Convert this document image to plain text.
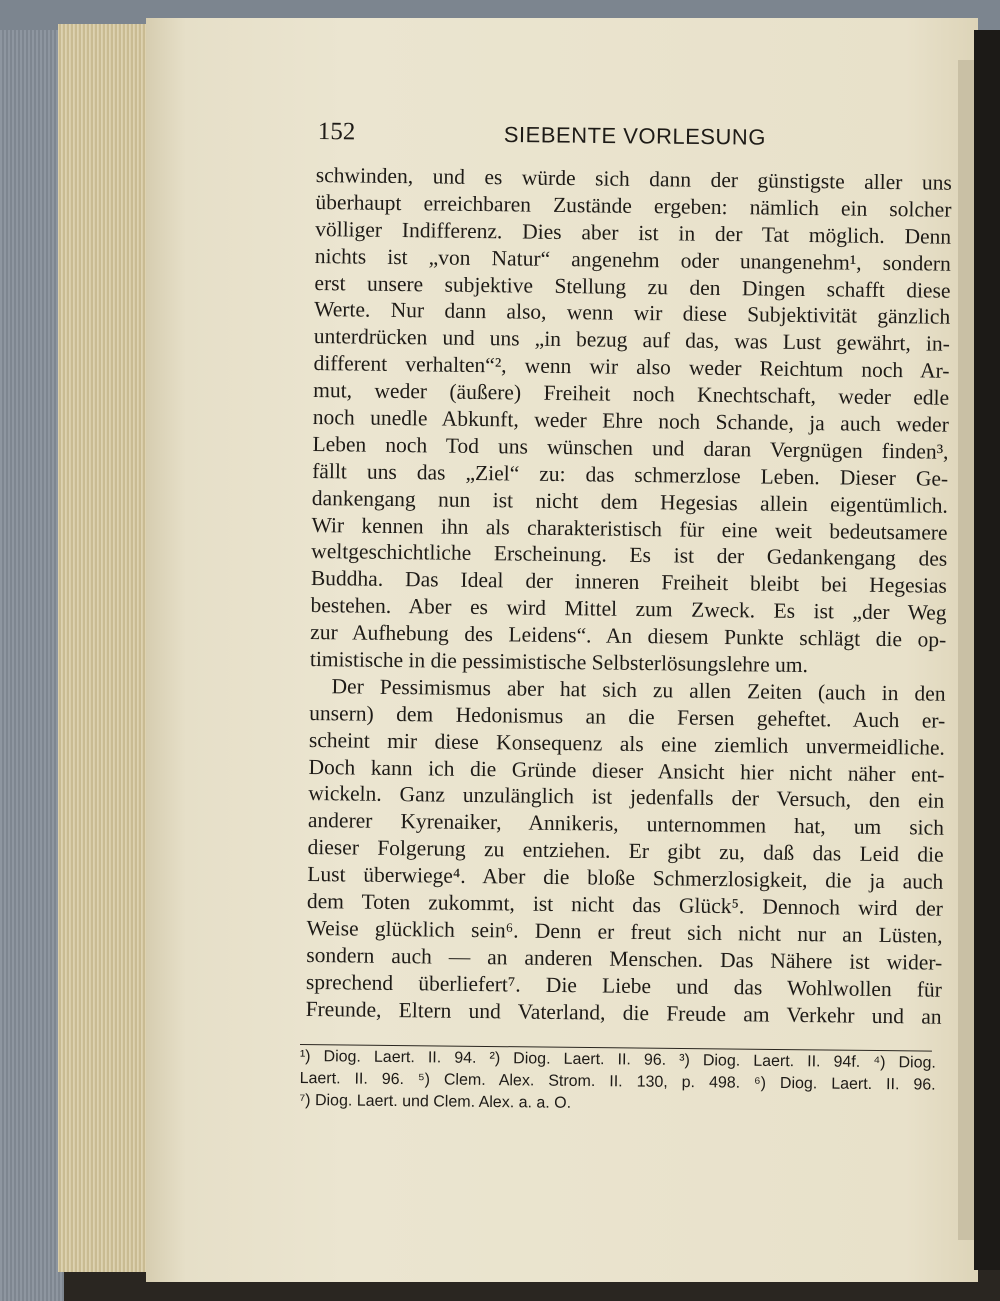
152	SIEBENTE VORLESUNG
schwinden, und es würde sich dann der günstigste aller uns
überhaupt erreichbaren Zustände ergeben: nämlich ein solcher
völliger Indifferenz. Dies aber ist in der Tat möglich. Denn
nichts ist „von Natur“ angenehm oder unangenehm¹, sondern
erst unsere subjektive Stellung zu den Dingen schafft diese
Werte. Nur dann also, wenn wir diese Subjektivität gänzlich
unterdrücken und uns „in bezug auf das, was Lust gewährt, in-
different verhalten“², wenn wir also weder Reichtum noch Ar-
mut, weder (äußere) Freiheit noch Knechtschaft, weder edle
noch unedle Abkunft, weder Ehre noch Schande, ja auch weder
Leben noch Tod uns wünschen und daran Vergnügen finden³,
fällt uns das „Ziel“ zu: das schmerzlose Leben. Dieser Ge-
dankengang nun ist nicht dem Hegesias allein eigentümlich.
Wir kennen ihn als charakteristisch für eine weit bedeutsamere
weltgeschichtliche Erscheinung. Es ist der Gedankengang des
Buddha. Das Ideal der inneren Freiheit bleibt bei Hegesias
bestehen. Aber es wird Mittel zum Zweck. Es ist „der Weg
zur Aufhebung des Leidens“. An diesem Punkte schlägt die op-
timistische in die pessimistische Selbsterlösungslehre um.
Der Pessimismus aber hat sich zu allen Zeiten (auch in den
unsern) dem Hedonismus an die Fersen geheftet. Auch er-
scheint mir diese Konsequenz als eine ziemlich unvermeidliche.
Doch kann ich die Gründe dieser Ansicht hier nicht näher ent-
wickeln. Ganz unzulänglich ist jedenfalls der Versuch, den ein
anderer Kyrenaiker, Annikeris, unternommen hat, um sich
dieser Folgerung zu entziehen. Er gibt zu, daß das Leid die
Lust überwiege⁴. Aber die bloße Schmerzlosigkeit, die ja auch
dem Toten zukommt, ist nicht das Glück⁵. Dennoch wird der
Weise glücklich sein⁶. Denn er freut sich nicht nur an Lüsten,
sondern auch — an anderen Menschen. Das Nähere ist wider-
sprechend überliefert⁷. Die Liebe und das Wohlwollen für
Freunde, Eltern und Vaterland, die Freude am Verkehr und an
¹) Diog. Laert. II. 94. ²) Diog. Laert. II. 96. ³) Diog. Laert. II. 94f. ⁴) Diog.
Laert. II. 96. ⁵) Clem. Alex. Strom. II. 130, p. 498. ⁶) Diog. Laert. II. 96.
⁷) Diog. Laert. und Clem. Alex. a. a. O.
